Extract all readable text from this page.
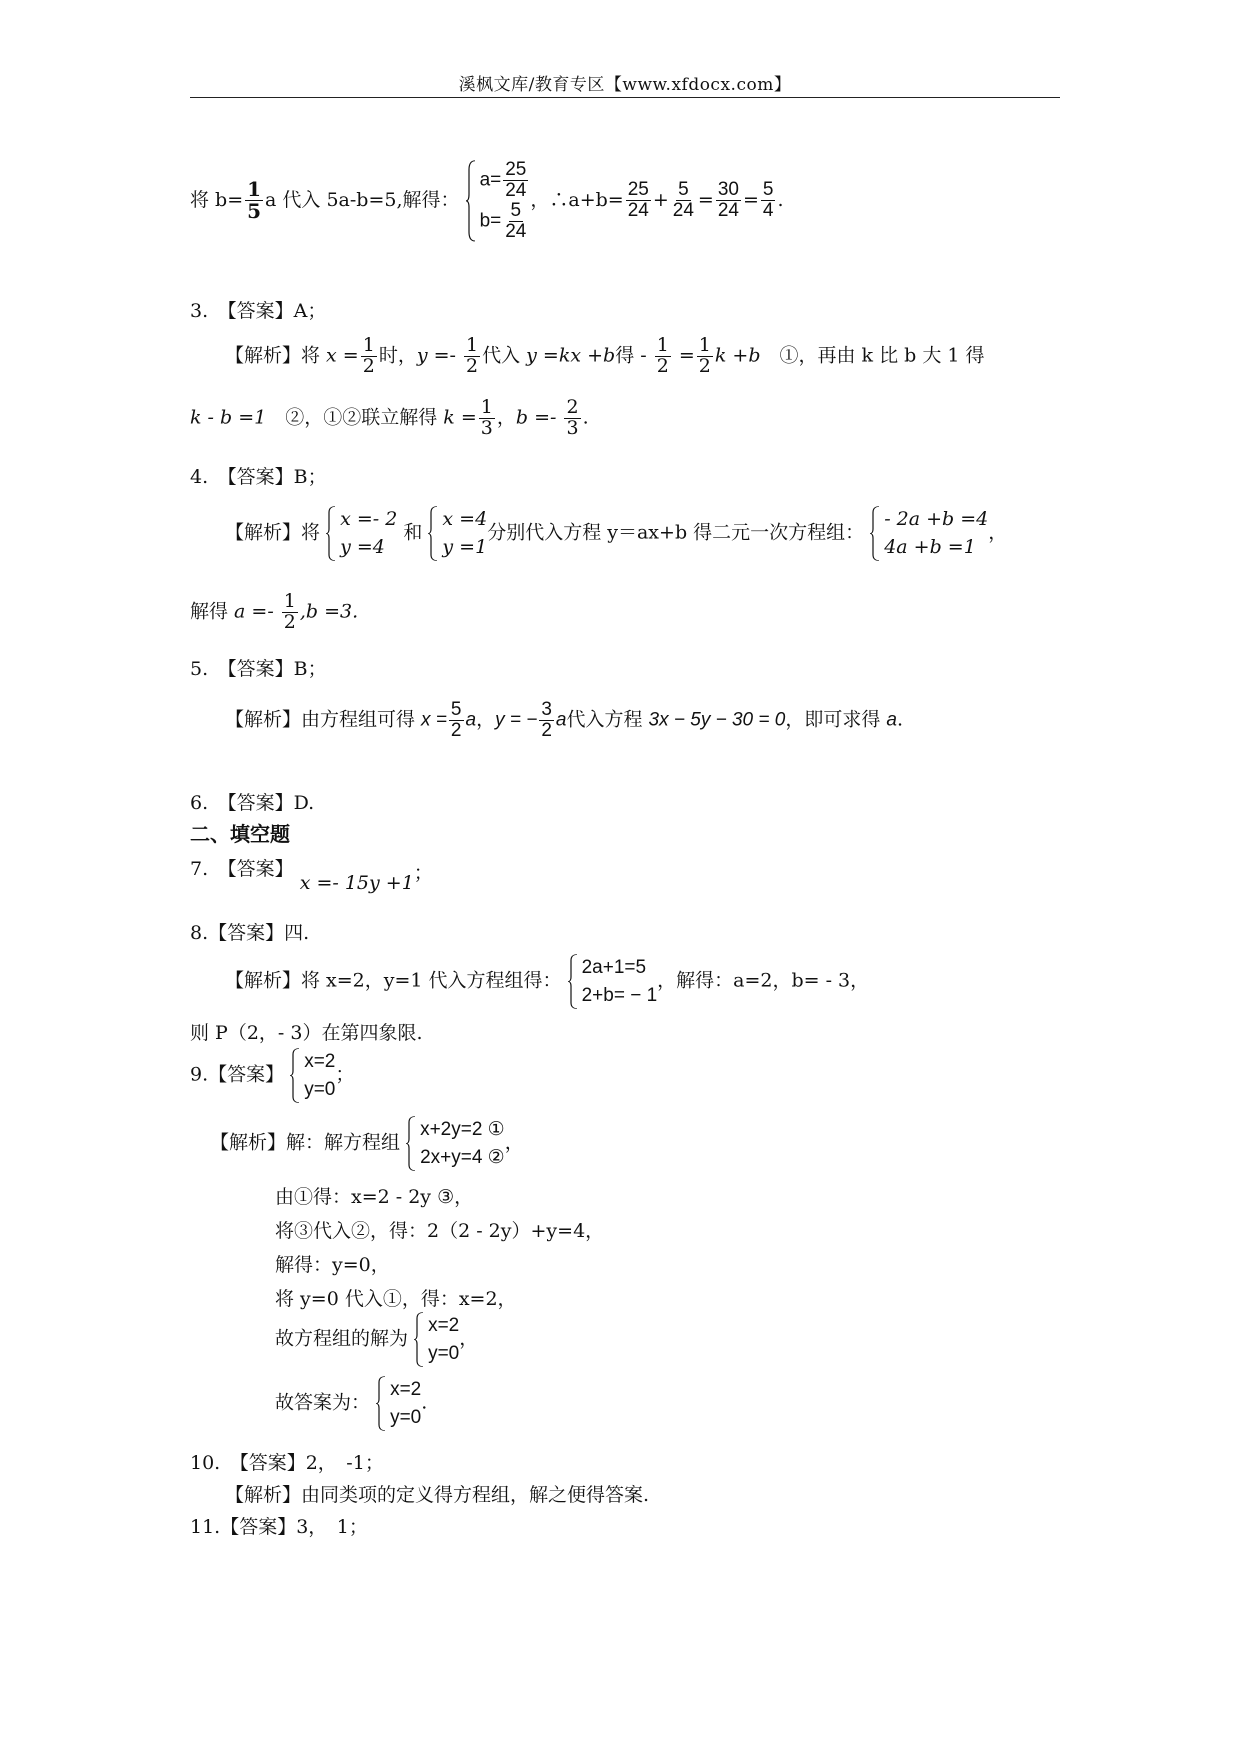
溪枫文库/教育专区【www.xfdocx.com】
将 $b= \frac{1}{5}$ a 代入 5a-b=5,解得：
$a= \frac{25}{24}$
$b= \frac{5}{24}$
，∴a+b= $\frac{25}{24} + \frac{5}{24} = \frac{30}{24} = \frac{5}{4}$ .
3.　【答案】A；
【解析】将 $x = \frac{1}{2}$ 时，$y =- \frac{1}{2}$ 代入 y =kx +b得 - $\frac{1}{2} = \frac{1}{2}$ k +b　①，再由 k 比 b 大 1 得
k - b =1　②，①②联立解得 $k = \frac{1}{3}$ ，$b =- \frac{2}{3}$ .
4.　【答案】B；
【解析】将
x =- 2
y =4
和
x =4
y =1
分别代入方程 y＝ax+b 得二元一次方程组：
- 2a +b =4
4a +b =1
，
解得 $a =- \frac{1}{2} ,b =3$.
5.　【答案】B；
【解析】由方程组可得 $x = \frac{5}{2}$ a，y = − $\frac{3}{2}$ a代入方程 3x − 5y − 30 = 0，即可求得 a.
6.　【答案】D.
二、填空题
7.　【答案】 x =- 15y +1；
8.【答案】四.
【解析】将 x=2，y=1 代入方程组得：
2a+1=5
2+b= − 1
，解得：a=2，b= - 3，
则 P（2，- 3）在第四象限.
9.【答案】
x=2
y=0
；
【解析】解：解方程组
x+2y=2 ①
2x+y=4 ②
，
由①得：x=2 - 2y ③，
将③代入②，得：2（2 - 2y）+y=4，
解得：y=0，
将 y=0 代入①，得：x=2，
故方程组的解为
x=2
y=0
，
故答案为：
x=2
y=0
.
10.　【答案】2，　-1；
【解析】由同类项的定义得方程组，解之便得答案.
11.【答案】3，　1；
